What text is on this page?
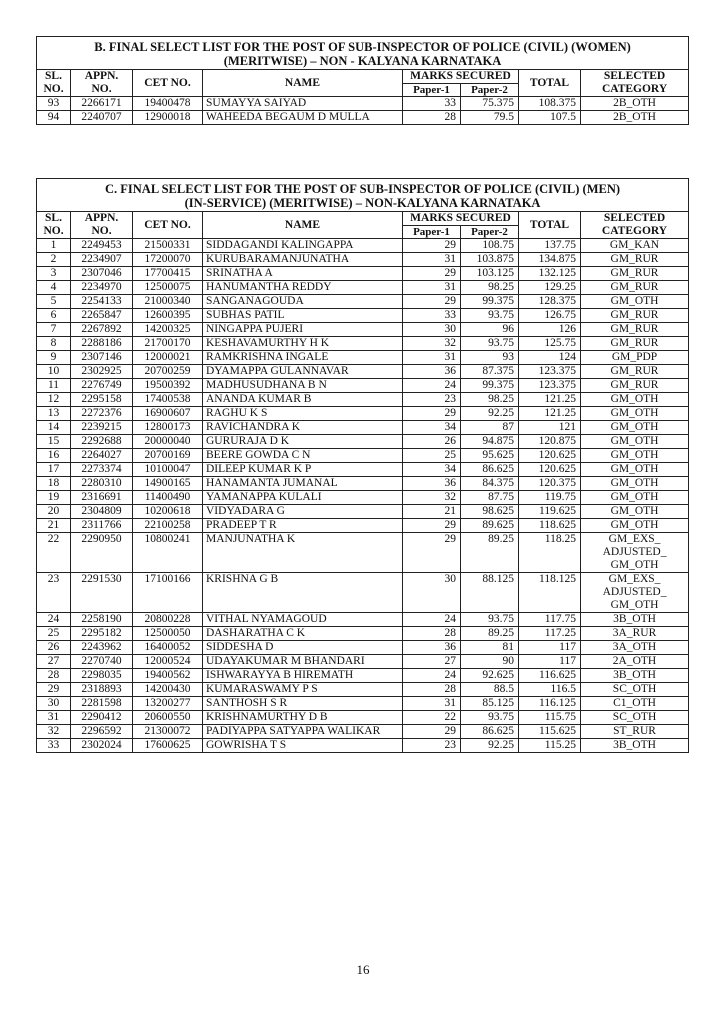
B. FINAL SELECT LIST FOR THE POST OF SUB-INSPECTOR OF POLICE (CIVIL) (WOMEN)
(MERITWISE) – NON - KALYANA KARNATAKA							

SL. NO.	APPN. NO.	CET NO.	NAME	MARKS SECURED		TOTAL	SELECTED CATEGORY
				Paper-1	Paper-2		
93	2266171	19400478	SUMAYYA SAIYAD	33	75.375	108.375	2B_OTH
94	2240707	12900018	WAHEEDA BEGAUM D MULLA	28	79.5	107.5	2B_OTH
C. FINAL SELECT LIST FOR THE POST OF SUB-INSPECTOR OF POLICE (CIVIL) (MEN)
(IN-SERVICE) (MERITWISE) – NON-KALYANA KARNATAKA							

SL. NO.	APPN. NO.	CET NO.	NAME	MARKS SECURED		TOTAL	SELECTED CATEGORY
				Paper-1	Paper-2		
1	2249453	21500331	SIDDAGANDI KALINGAPPA	29	108.75	137.75	GM_KAN
2	2234907	17200070	KURUBARAMANJUNATHA	31	103.875	134.875	GM_RUR
3	2307046	17700415	SRINATHA A	29	103.125	132.125	GM_RUR
4	2234970	12500075	HANUMANTHA REDDY	31	98.25	129.25	GM_RUR
5	2254133	21000340	SANGANAGOUDA	29	99.375	128.375	GM_OTH
6	2265847	12600395	SUBHAS PATIL	33	93.75	126.75	GM_RUR
7	2267892	14200325	NINGAPPA PUJERI	30	96	126	GM_RUR
8	2288186	21700170	KESHAVAMURTHY H K	32	93.75	125.75	GM_RUR
9	2307146	12000021	RAMKRISHNA INGALE	31	93	124	GM_PDP
10	2302925	20700259	DYAMAPPA GULANNAVAR	36	87.375	123.375	GM_RUR
11	2276749	19500392	MADHUSUDHANA B N	24	99.375	123.375	GM_RUR
12	2295158	17400538	ANANDA KUMAR B	23	98.25	121.25	GM_OTH
13	2272376	16900607	RAGHU K S	29	92.25	121.25	GM_OTH
14	2239215	12800173	RAVICHANDRA K	34	87	121	GM_OTH
15	2292688	20000040	GURURAJA D K	26	94.875	120.875	GM_OTH
16	2264027	20700169	BEERE GOWDA C N	25	95.625	120.625	GM_OTH
17	2273374	10100047	DILEEP KUMAR K P	34	86.625	120.625	GM_OTH
18	2280310	14900165	HANAMANTA JUMANAL	36	84.375	120.375	GM_OTH
19	2316691	11400490	YAMANAPPA KULALI	32	87.75	119.75	GM_OTH
20	2304809	10200618	VIDYADARA G	21	98.625	119.625	GM_OTH
21	2311766	22100258	PRADEEP T R	29	89.625	118.625	GM_OTH
22	2290950	10800241	MANJUNATHA K	29	89.25	118.25	GM_EXS_ ADJUSTED_ GM_OTH
23	2291530	17100166	KRISHNA G B	30	88.125	118.125	GM_EXS_ ADJUSTED_ GM_OTH
24	2258190	20800228	VITHAL NYAMAGOUD	24	93.75	117.75	3B_OTH
25	2295182	12500050	DASHARATHA C K	28	89.25	117.25	3A_RUR
26	2243962	16400052	SIDDESHA D	36	81	117	3A_OTH
27	2270740	12000524	UDAYAKUMAR M BHANDARI	27	90	117	2A_OTH
28	2298035	19400562	ISHWARAYYA B HIREMATH	24	92.625	116.625	3B_OTH
29	2318893	14200430	KUMARASWAMY P S	28	88.5	116.5	SC_OTH
30	2281598	13200277	SANTHOSH S R	31	85.125	116.125	C1_OTH
31	2290412	20600550	KRISHNAMURTHY D B	22	93.75	115.75	SC_OTH
32	2296592	21300072	PADIYAPPA SATYAPPA WALIKAR	29	86.625	115.625	ST_RUR
33	2302024	17600625	GOWRISHA T S	23	92.25	115.25	3B_OTH
16
